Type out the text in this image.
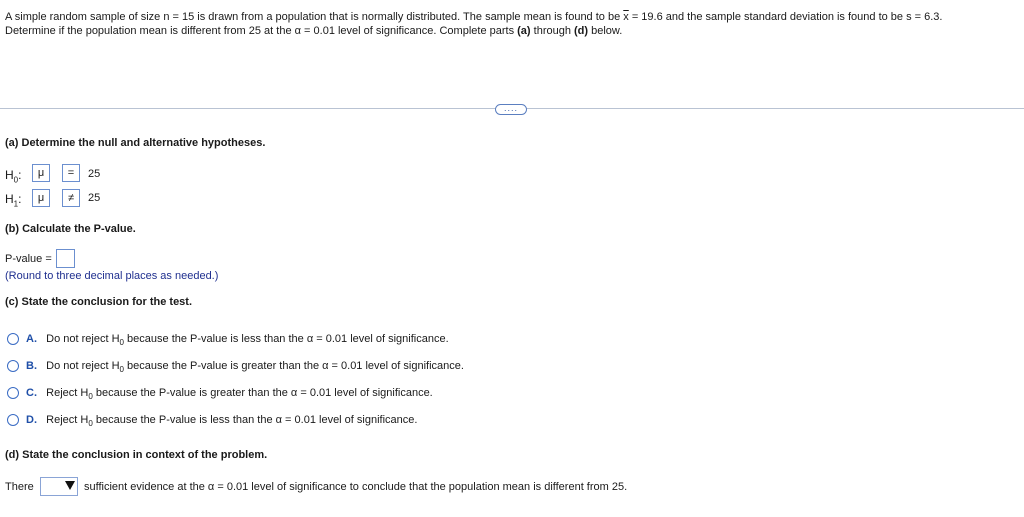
A simple random sample of size n = 15 is drawn from a population that is normally distributed. The sample mean is found to be $\overline{x} = 19.6$ and the sample standard deviation is found to be s = 6.3.
Determine if the population mean is different from 25 at the α = 0.01 level of significance. Complete parts (a) through (d) below.
....
(a) Determine the null and alternative hypotheses.
$H_0$:	μ	=	25
$H_1$:	μ	≠	25
(b) Calculate the P-value.
P-value =
(Round to three decimal places as needed.)
(c) State the conclusion for the test.
A. Do not reject $H_0$ because the P-value is less than the α = 0.01 level of significance.
B. Do not reject $H_0$ because the P-value is greater than the α = 0.01 level of significance.
C. Reject $H_0$ because the P-value is greater than the α = 0.01 level of significance.
D. Reject $H_0$ because the P-value is less than the α = 0.01 level of significance.
(d) State the conclusion in context of the problem.
There	sufficient evidence at the α = 0.01 level of significance to conclude that the population mean is different from 25.
